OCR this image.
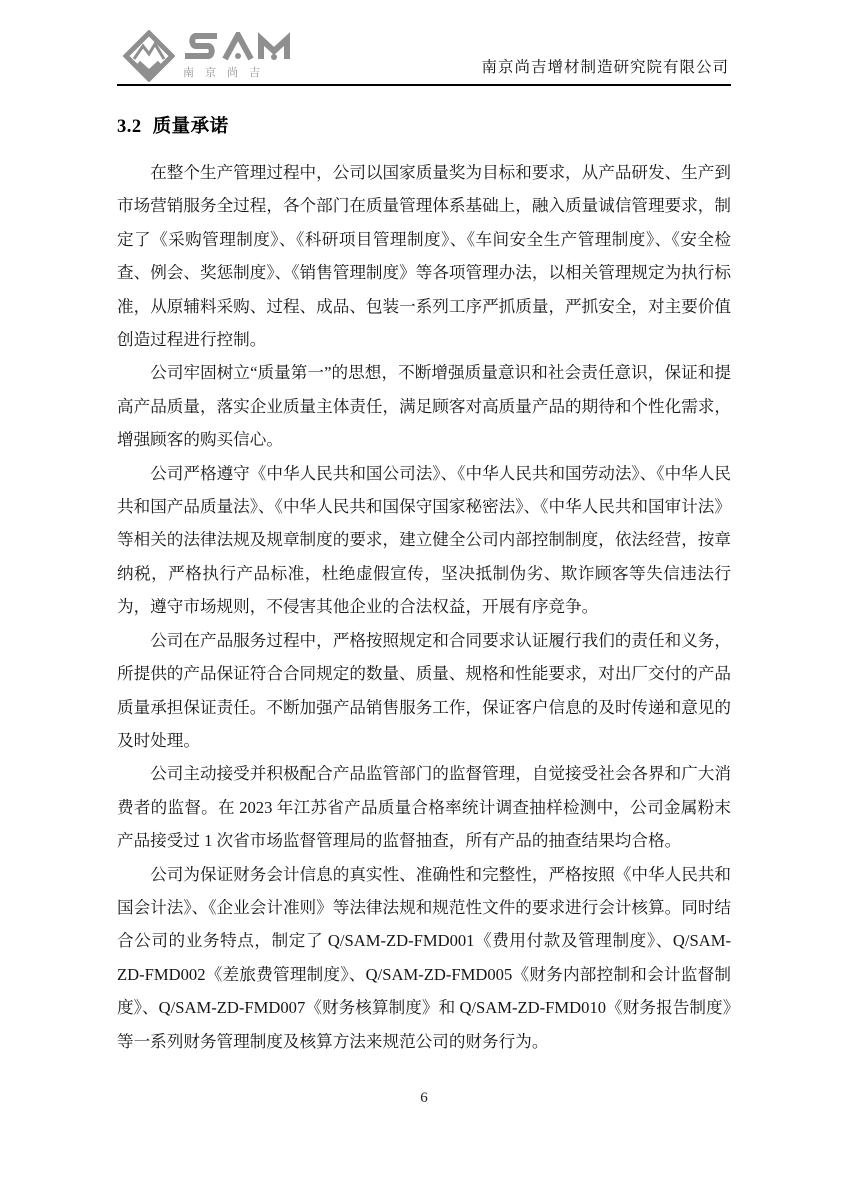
南京尚吉	南京尚吉增材制造研究院有限公司
3.2 质量承诺

在整个生产管理过程中，公司以国家质量奖为目标和要求，从产品研发、生产到市场营销服务全过程，各个部门在质量管理体系基础上，融入质量诚信管理要求，制定了《采购管理制度》、《科研项目管理制度》、《车间安全生产管理制度》、《安全检查、例会、奖惩制度》、《销售管理制度》等各项管理办法，以相关管理规定为执行标准，从原辅料采购、过程、成品、包装一系列工序严抓质量，严抓安全，对主要价值创造过程进行控制。

公司牢固树立“质量第一”的思想，不断增强质量意识和社会责任意识，保证和提高产品质量，落实企业质量主体责任，满足顾客对高质量产品的期待和个性化需求，增强顾客的购买信心。

公司严格遵守《中华人民共和国公司法》、《中华人民共和国劳动法》、《中华人民共和国产品质量法》、《中华人民共和国保守国家秘密法》、《中华人民共和国审计法》等相关的法律法规及规章制度的要求，建立健全公司内部控制制度，依法经营，按章纳税，严格执行产品标准，杜绝虚假宣传，坚决抵制伪劣、欺诈顾客等失信违法行为，遵守市场规则，不侵害其他企业的合法权益，开展有序竞争。

公司在产品服务过程中，严格按照规定和合同要求认证履行我们的责任和义务，所提供的产品保证符合合同规定的数量、质量、规格和性能要求，对出厂交付的产品质量承担保证责任。不断加强产品销售服务工作，保证客户信息的及时传递和意见的及时处理。

公司主动接受并积极配合产品监管部门的监督管理，自觉接受社会各界和广大消费者的监督。在 2023 年江苏省产品质量合格率统计调查抽样检测中，公司金属粉末产品接受过 1 次省市场监督管理局的监督抽查，所有产品的抽查结果均合格。

公司为保证财务会计信息的真实性、准确性和完整性，严格按照《中华人民共和国会计法》、《企业会计准则》等法律法规和规范性文件的要求进行会计核算。同时结合公司的业务特点，制定了 Q/SAM-ZD-FMD001《费用付款及管理制度》、Q/SAM-ZD-FMD002《差旅费管理制度》、Q/SAM-ZD-FMD005《财务内部控制和会计监督制度》、Q/SAM-ZD-FMD007《财务核算制度》和 Q/SAM-ZD-FMD010《财务报告制度》等一系列财务管理制度及核算方法来规范公司的财务行为。

6
